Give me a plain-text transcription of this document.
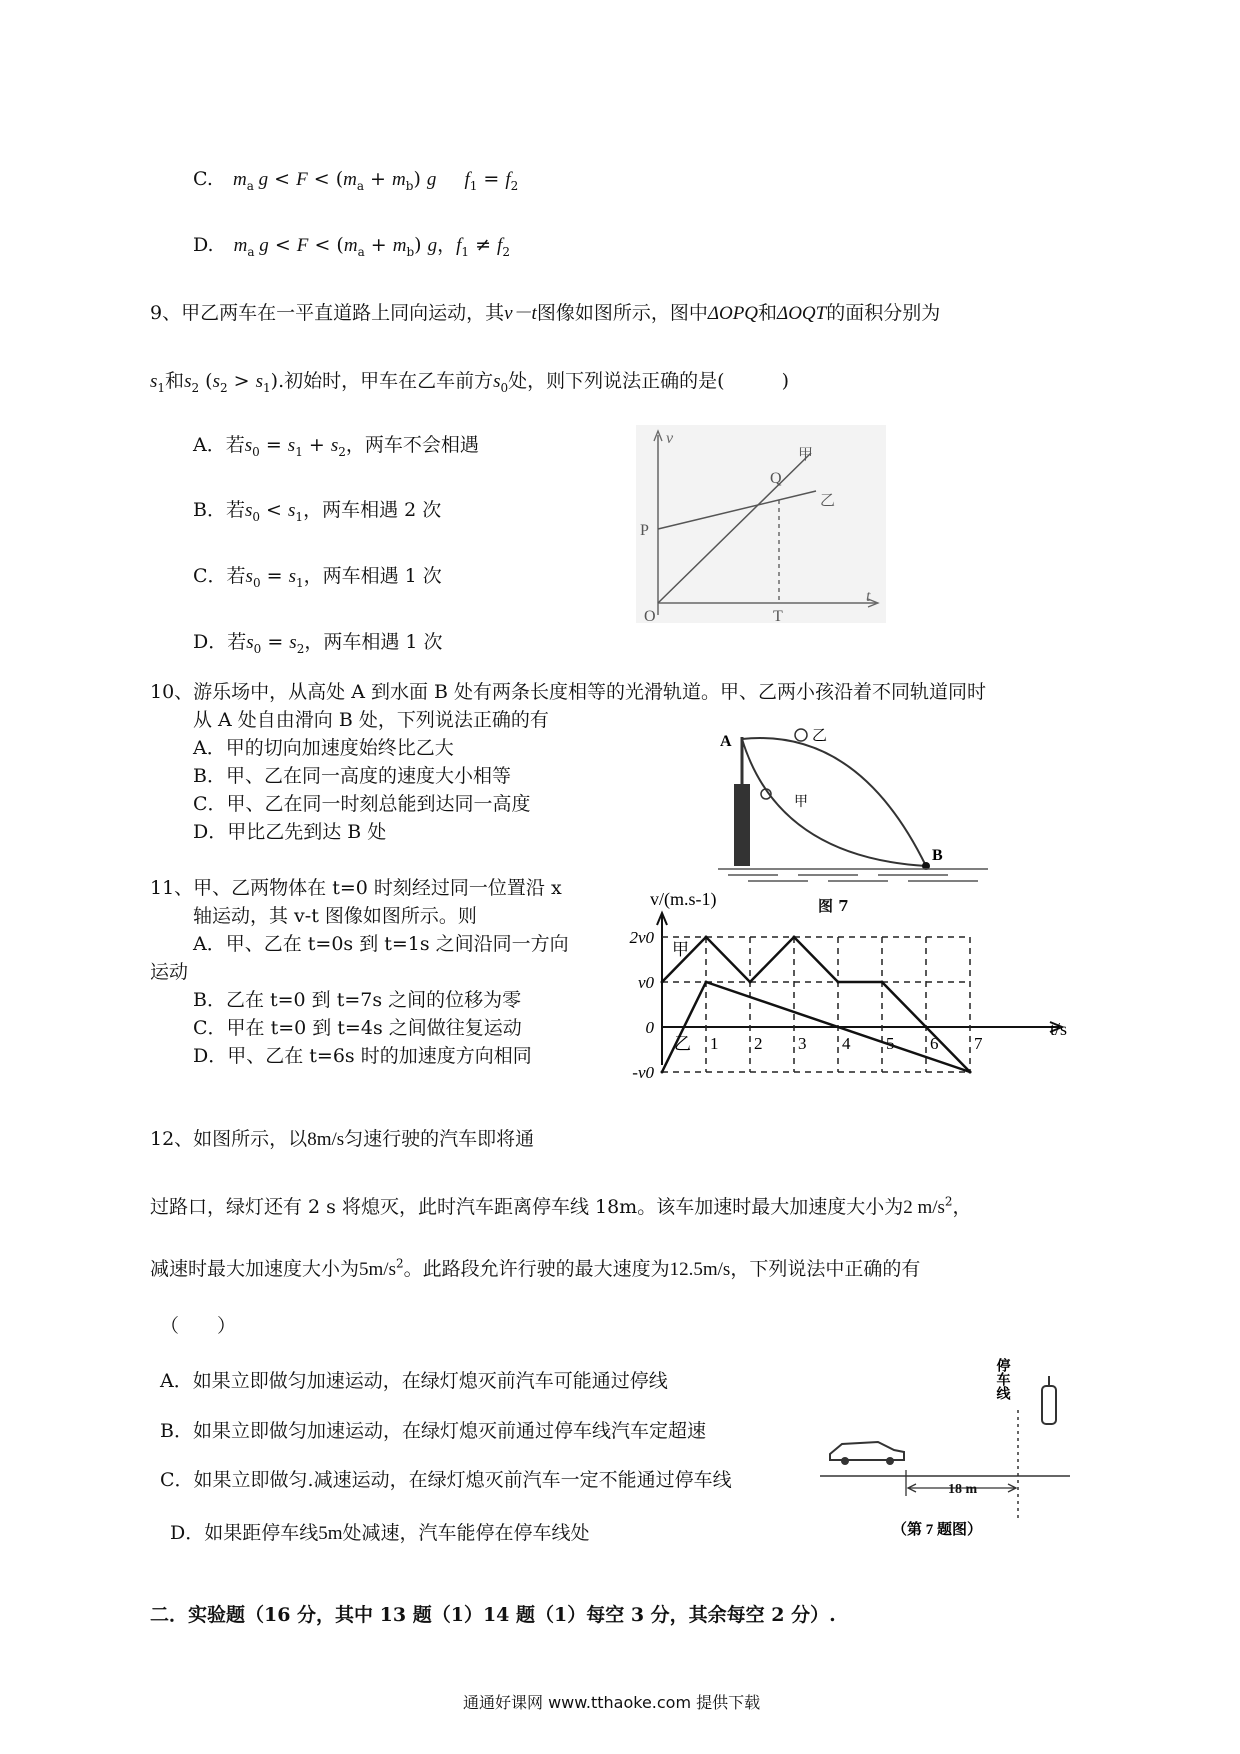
C. $m_a$ $g < F < (m_a + m_b)$ g $f_1 = f_2$
D. $m_a$ $g < F < (m_a + m_b)$ g，$f_1 \ne f_2$
9、甲乙两车在一平直道路上同向运动，其v－t图像如图所示，图中ΔOPQ和ΔOQT的面积分别为
$s_1$和$s_2$ $(s_2 > s_1)$.初始时，甲车在乙车前方$s_0$处，则下列说法正确的是(　　　)
A．若$s_0 = s_1 + s_2$，两车不会相遇
B．若$s_0 < s_1$，两车相遇 2 次
C．若$s_0 = s_1$，两车相遇 1 次
D．若$s_0 = s_2$，两车相遇 1 次
v
t
P
Q
O	T
甲
乙
10、游乐场中，从高处 A 到水面 B 处有两条长度相等的光滑轨道。甲、乙两小孩沿着不同轨道同时
从 A 处自由滑向 B 处，下列说法正确的有
A．甲的切向加速度始终比乙大
B．甲、乙在同一高度的速度大小相等
C．甲、乙在同一时刻总能到达同一高度
D．甲比乙先到达 B 处
A
B
乙
甲
图 7
11、甲、乙两物体在 t=0 时刻经过同一位置沿 x
轴运动，其 v-t 图像如图所示。则
A．甲、乙在 t=0s 到 t=1s 之间沿同一方向
运动
B．乙在 t=0 到 t=7s 之间的位移为零
C．甲在 t=0 到 t=4s 之间做往复运动
D．甲、乙在 t=6s 时的加速度方向相同
2v0
v0
0
-v0
1 2 3 4 5 6 7
甲
乙
v/(m.s-1)
t/s
12、如图所示，以8m/s匀速行驶的汽车即将通
过路口，绿灯还有 2 s 将熄灭，此时汽车距离停车线 18m。该车加速时最大加速度大小为2 $m/s^2$，
减速时最大加速度大小为$5m/s^2$。此路段允许行驶的最大速度为12.5m/s，下列说法中正确的有
（　　）
A．如果立即做匀加速运动，在绿灯熄灭前汽车可能通过停线
B．如果立即做匀加速运动，在绿灯熄灭前通过停车线汽车定超速
C．如果立即做匀.减速运动，在绿灯熄灭前汽车一定不能通过停车线
D．如果距停车线5m处减速，汽车能停在停车线处
停车线
18 m
（第 7 题图）
二．实验题（16 分，其中 13 题（1）14 题（1）每空 3 分，其余每空 2 分）.
通通好课网 www.tthaoke.com 提供下载
